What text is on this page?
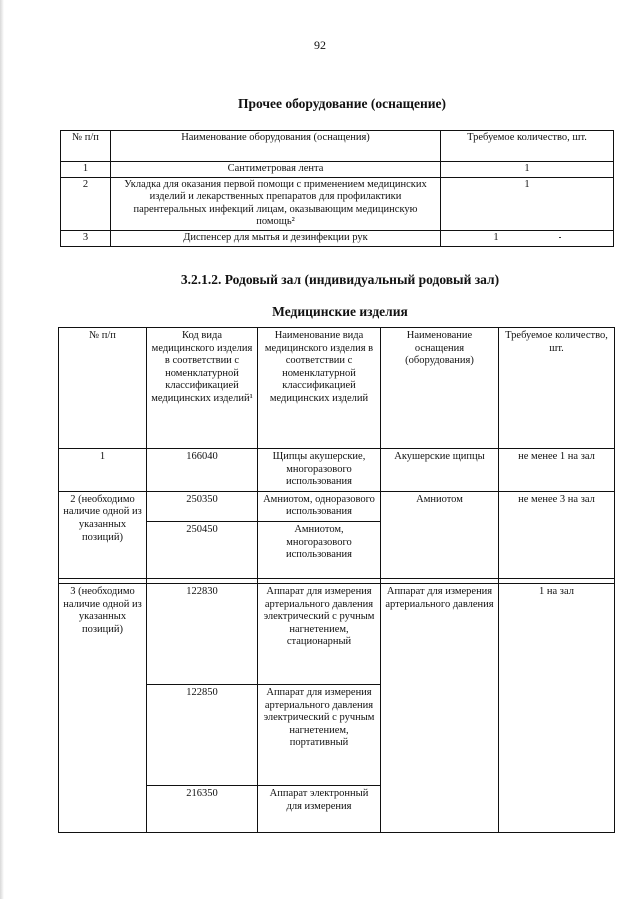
92
Прочее оборудование (оснащение)
№ п/п	Наименование оборудования (оснащения)	Требуемое количество, шт.
1	Сантиметровая лента	1
2	Укладка для оказания первой помощи с применением медицинских изделий и лекарственных препаратов для профилактики парентеральных инфекций лицам, оказывающим медицинскую помощь²	1
3	Диспенсер для мытья и дезинфекции рук	1
3.2.1.2. Родовый зал (индивидуальный родовый зал)
Медицинские изделия
№ п/п	Код вида медицинского изделия в соответствии с номенклатурной классификацией медицинских изделий¹	Наименование вида медицинского изделия в соответствии с номенклатурной классификацией медицинских изделий	Наименование оснащения (оборудования)	Требуемое количество, шт.
1	166040	Щипцы акушерские, многоразового использования	Акушерские щипцы	не менее 1 на зал
2 (необходимо наличие одной из указанных позиций)	250350	Амниотом, одноразового использования	Амниотом	не менее 3 на зал
	250450	Амниотом, многоразового использования		

3 (необходимо наличие одной из указанных позиций)	122830	Аппарат для измерения артериального давления электрический с ручным нагнетением, стационарный	Аппарат для измерения артериального давления	1 на зал
	122850	Аппарат для измерения артериального давления электрический с ручным нагнетением, портативный		
	216350	Аппарат электронный для измерения		
